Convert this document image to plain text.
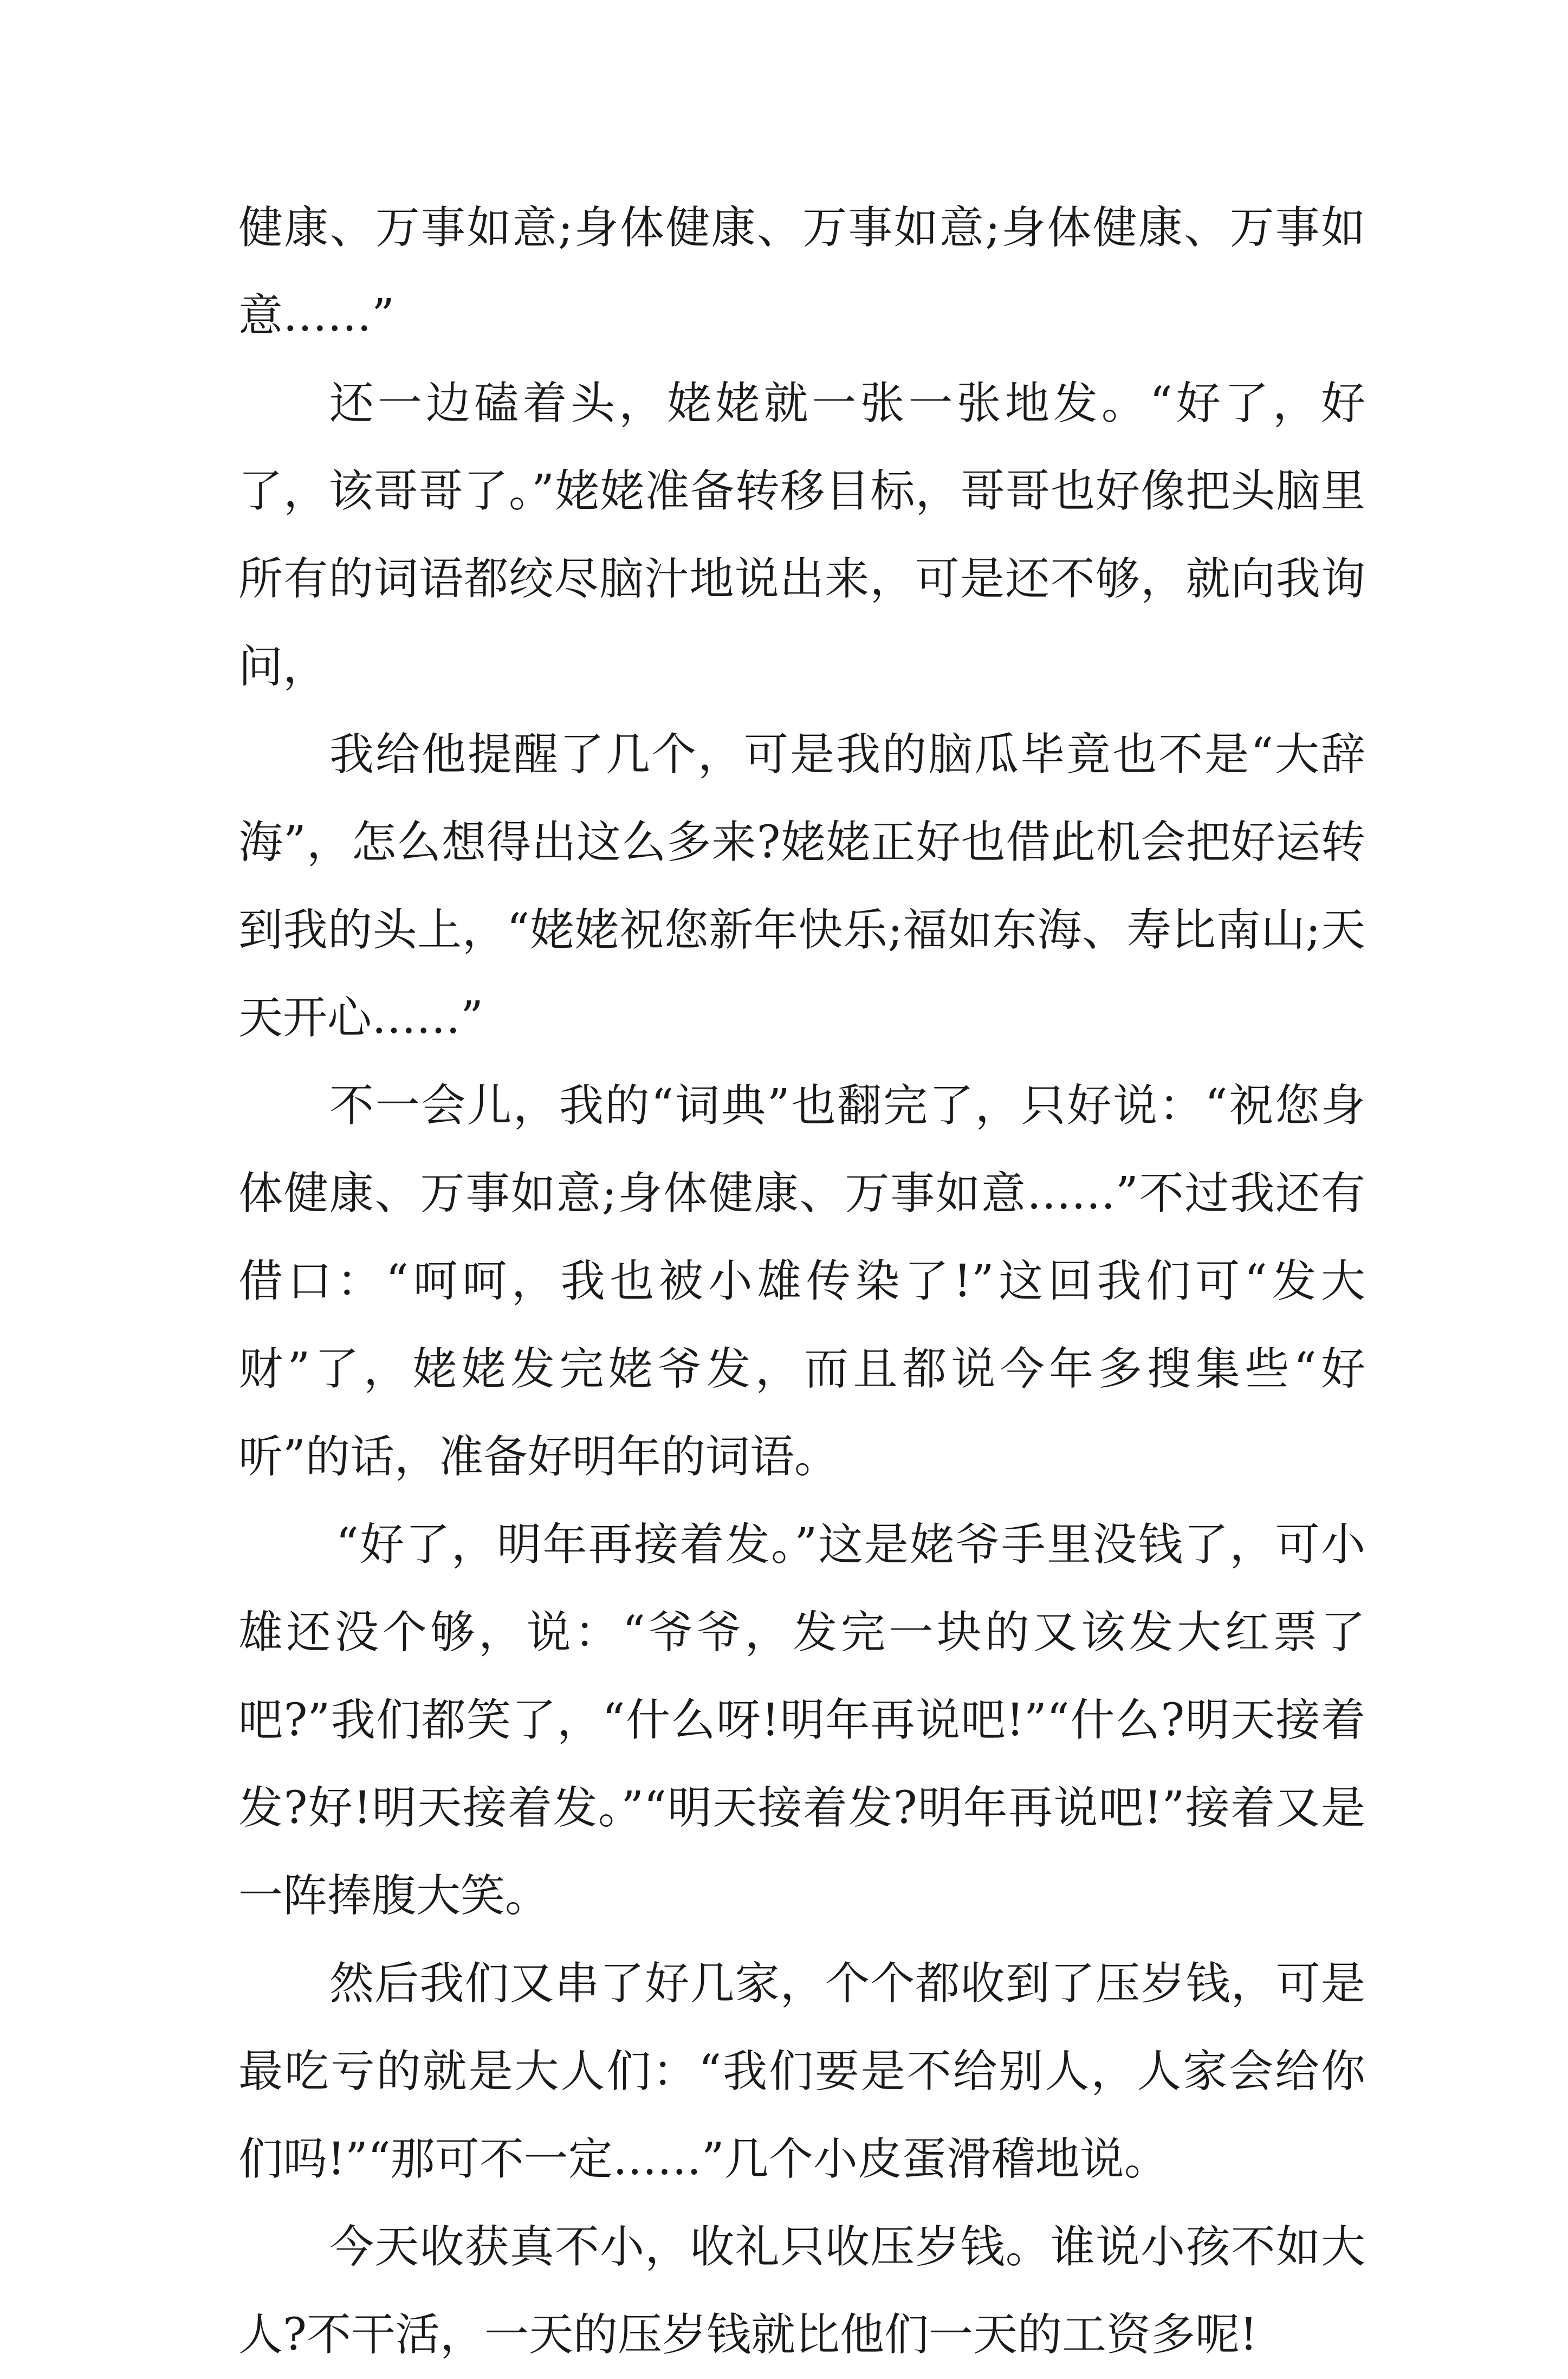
健康、万事如意;身体健康、万事如意;身体健康、万事如意……”

还一边磕着头，姥姥就一张一张地发。“好了，好了，该哥哥了。”姥姥准备转移目标，哥哥也好像把头脑里所有的词语都绞尽脑汁地说出来，可是还不够，就向我询问，

我给他提醒了几个，可是我的脑瓜毕竟也不是“大辞海”，怎么想得出这么多来?姥姥正好也借此机会把好运转到我的头上，“姥姥祝您新年快乐;福如东海、寿比南山;天天开心……”

不一会儿，我的“词典”也翻完了，只好说：“祝您身体健康、万事如意;身体健康、万事如意……”不过我还有借口：“呵呵，我也被小雄传染了!”这回我们可“发大财”了，姥姥发完姥爷发，而且都说今年多搜集些“好听”的话，准备好明年的词语。

“好了，明年再接着发。”这是姥爷手里没钱了，可小雄还没个够，说：“爷爷，发完一块的又该发大红票了吧?”我们都笑了，“什么呀!明年再说吧!”“什么?明天接着发?好!明天接着发。”“明天接着发?明年再说吧!”接着又是一阵捧腹大笑。

然后我们又串了好几家，个个都收到了压岁钱，可是最吃亏的就是大人们：“我们要是不给别人，人家会给你们吗!”“那可不一定……”几个小皮蛋滑稽地说。

今天收获真不小，收礼只收压岁钱。谁说小孩不如大人?不干活，一天的压岁钱就比他们一天的工资多呢!
